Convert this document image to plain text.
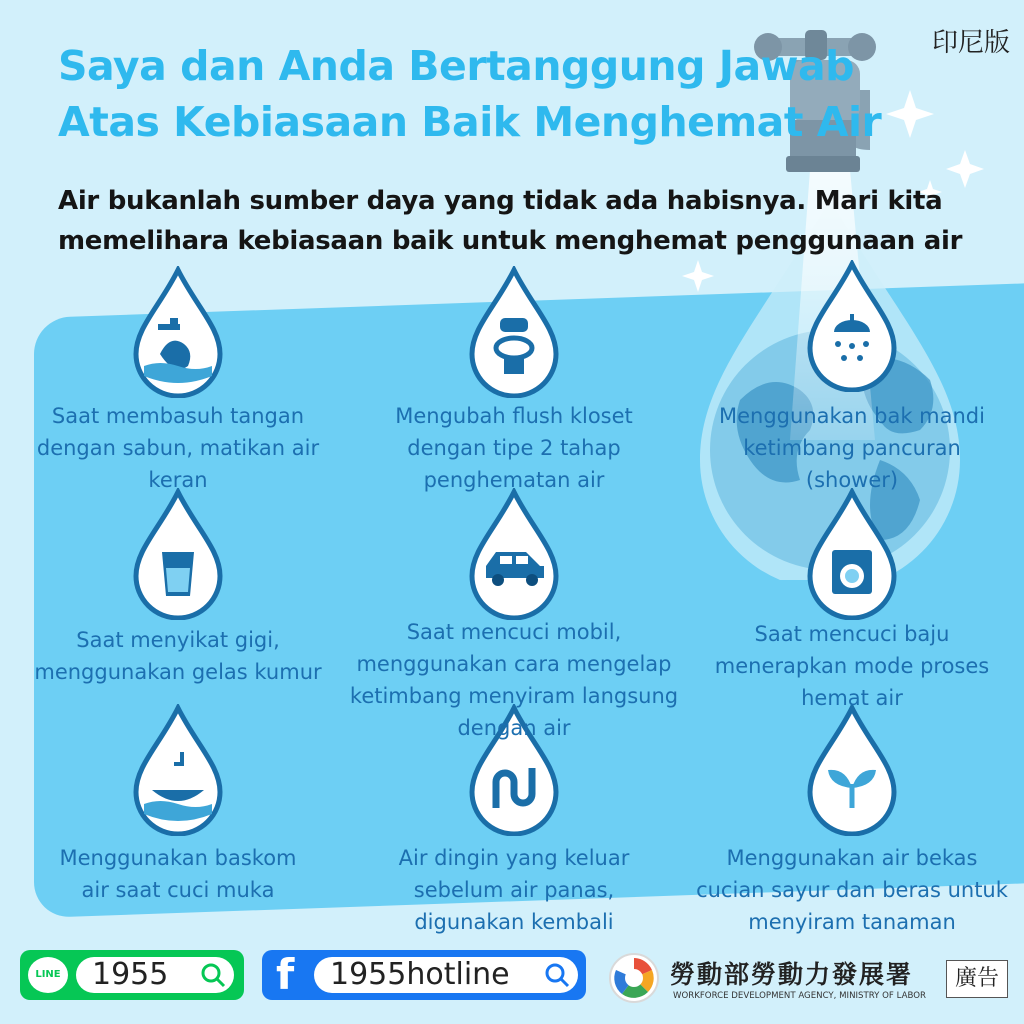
印尼版
Saya dan Anda Bertanggung Jawab
Atas Kebiasaan Baik Menghemat Air
Air bukanlah sumber daya yang tidak ada habisnya. Mari kita
memelihara kebiasaan baik untuk menghemat penggunaan air
Saat membasuh tangan
dengan sabun, matikan air
keran
Mengubah flush kloset
dengan tipe 2 tahap
penghematan air
Menggunakan bak mandi
ketimbang pancuran
(shower)
Saat menyikat gigi,
menggunakan gelas kumur
Saat mencuci mobil,
menggunakan cara mengelap
ketimbang menyiram langsung
dengan air
Saat mencuci baju
menerapkan mode proses
hemat air
Menggunakan baskom
air saat cuci muka
Air dingin yang keluar
sebelum air panas,
digunakan kembali
Menggunakan air bekas
cucian sayur dan beras untuk
menyiram tanaman
LINE	1955	f	1955hotline	勞動部勞動力發展署
WORKFORCE DEVELOPMENT AGENCY, MINISTRY OF LABOR
廣告
